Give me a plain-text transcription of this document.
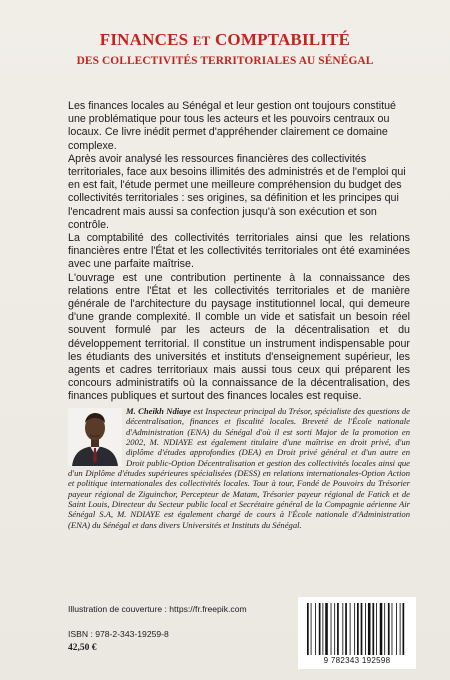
FINANCES ET COMPTABILITÉ
DES COLLECTIVITÉS TERRITORIALES AU SÉNÉGAL

Les finances locales au Sénégal et leur gestion ont toujours constitué une problématique pour tous les acteurs et les pouvoirs centraux ou locaux. Ce livre inédit permet d'appréhender clairement ce domaine complexe.

Après avoir analysé les ressources financières des collectivités territoriales, face aux besoins illimités des administrés et de l'emploi qui en est fait, l'étude permet une meilleure compréhension du budget des collectivités territoriales : ses origines, sa définition et les principes qui l'encadrent mais aussi sa confection jusqu'à son exécution et son contrôle.

La comptabilité des collectivités territoriales ainsi que les relations financières entre l'État et les collectivités territoriales ont été examinées avec une parfaite maîtrise.

L'ouvrage est une contribution pertinente à la connaissance des relations entre l'État et les collectivités territoriales et de manière générale de l'architecture du paysage institutionnel local, qui demeure d'une grande complexité. Il comble un vide et satisfait un besoin réel souvent formulé par les acteurs de la décentralisation et du développement territorial. Il constitue un instrument indispensable pour les étudiants des universités et instituts d'enseignement supérieur, les agents et cadres territoriaux mais aussi tous ceux qui préparent les concours administratifs où la connaissance de la décentralisation, des finances publiques et surtout des finances locales est requise.

M. Cheikh Ndiaye est Inspecteur principal du Trésor, spécialiste des questions de décentralisation, finances et fiscalité locales. Breveté de l'École nationale d'Administration (ENA) du Sénégal d'où il est sorti Major de la promotion en 2002, M. NDIAYE est également titulaire d'une maîtrise en droit privé, d'un diplôme d'études approfondies (DEA) en Droit privé général et d'un autre en Droit public-Option Décentralisation et gestion des collectivités locales ainsi que d'un Diplôme d'études supérieures spécialisées (DESS) en relations internationales-Option Action et politique internationales des collectivités locales. Tour à tour, Fondé de Pouvoirs du Trésorier payeur régional de Ziguinchor, Percepteur de Matam, Trésorier payeur régional de Fatick et de Saint Louis, Directeur du Secteur public local et Secrétaire général de la Compagnie aérienne Air Sénégal S.A, M. NDIAYE est également chargé de cours à l'École nationale d'Administration (ENA) du Sénégal et dans divers Universités et Instituts du Sénégal.
Illustration de couverture : https://fr.freepik.com
ISBN : 978-2-343-19259-8
42,50 €
9 782343 192598
